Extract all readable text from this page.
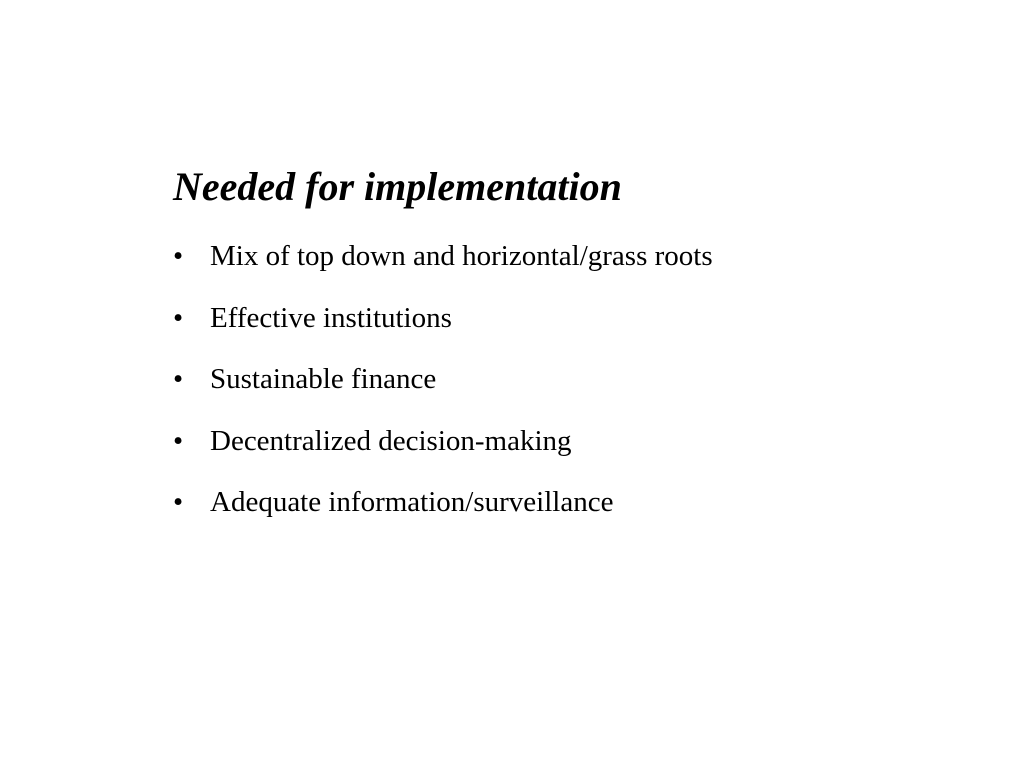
Needed for implementation
• Mix of top down and horizontal/grass roots
• Effective institutions
• Sustainable finance
• Decentralized decision-making
• Adequate information/surveillance
